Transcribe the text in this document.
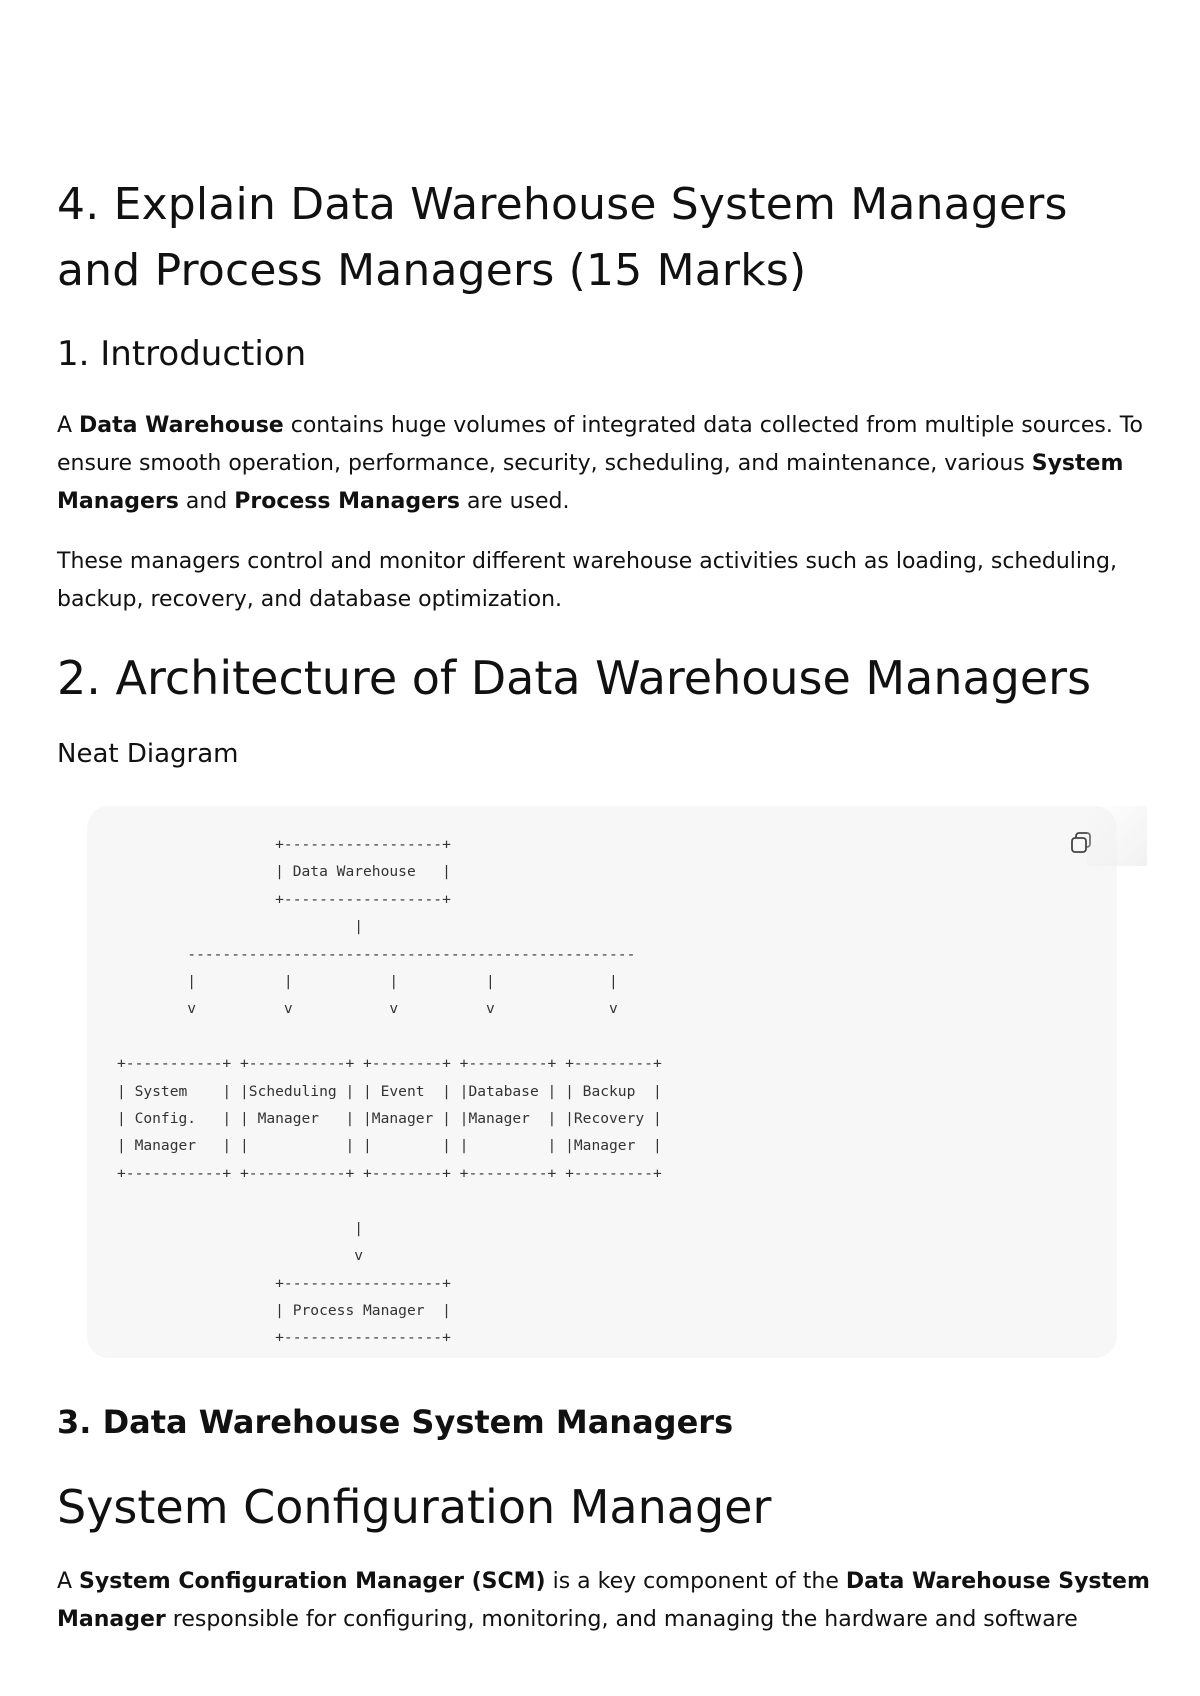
4. Explain Data Warehouse System Managers and Process Managers (15 Marks)
1. Introduction

A Data Warehouse contains huge volumes of integrated data collected from multiple sources. To ensure smooth operation, performance, security, scheduling, and maintenance, various System Managers and Process Managers are used.

These managers control and monitor different warehouse activities such as loading, scheduling, backup, recovery, and database optimization.

2. Architecture of Data Warehouse Managers
Neat Diagram
+------------------+
| Data Warehouse   |
+------------------+
|
---------------------------------------------------
|          |           |          |             |
v          v           v          v             v

+-----------+ +-----------+ +--------+ +---------+ +---------+
| System    | |Scheduling | | Event  | |Database | | Backup  |
| Config.   | | Manager   | |Manager | |Manager  | |Recovery |
| Manager   | |           | |        | |         | |Manager  |
+-----------+ +-----------+ +--------+ +---------+ +---------+

|
v
+------------------+
| Process Manager  |
+------------------+
3. Data Warehouse System Managers
System Configuration Manager

A System Configuration Manager (SCM) is a key component of the Data Warehouse System Manager responsible for configuring, monitoring, and managing the hardware and software
